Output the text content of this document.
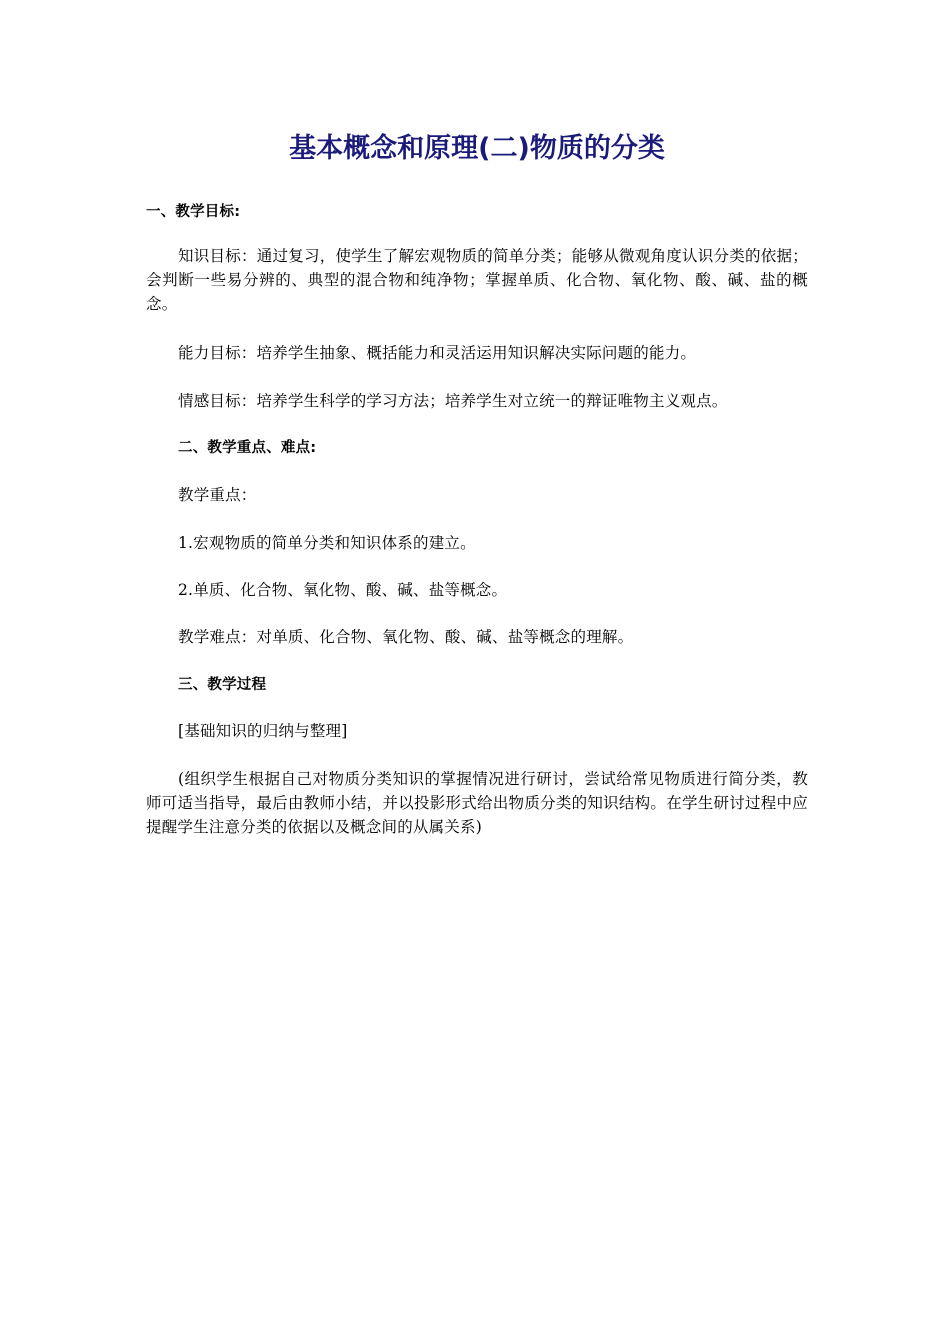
基本概念和原理(二)物质的分类

一、教学目标:

知识目标：通过复习，使学生了解宏观物质的简单分类；能够从微观角度认识分类的依据；会判断一些易分辨的、典型的混合物和纯净物；掌握单质、化合物、氧化物、酸、碱、盐的概念。

能力目标：培养学生抽象、概括能力和灵活运用知识解决实际问题的能力。

情感目标：培养学生科学的学习方法；培养学生对立统一的辩证唯物主义观点。

二、教学重点、难点:

教学重点：

1.宏观物质的简单分类和知识体系的建立。

2.单质、化合物、氧化物、酸、碱、盐等概念。

教学难点：对单质、化合物、氧化物、酸、碱、盐等概念的理解。

三、教学过程

[基础知识的归纳与整理]

(组织学生根据自己对物质分类知识的掌握情况进行研讨，尝试给常见物质进行简分类，教师可适当指导，最后由教师小结，并以投影形式给出物质分类的知识结构。在学生研讨过程中应提醒学生注意分类的依据以及概念间的从属关系)
